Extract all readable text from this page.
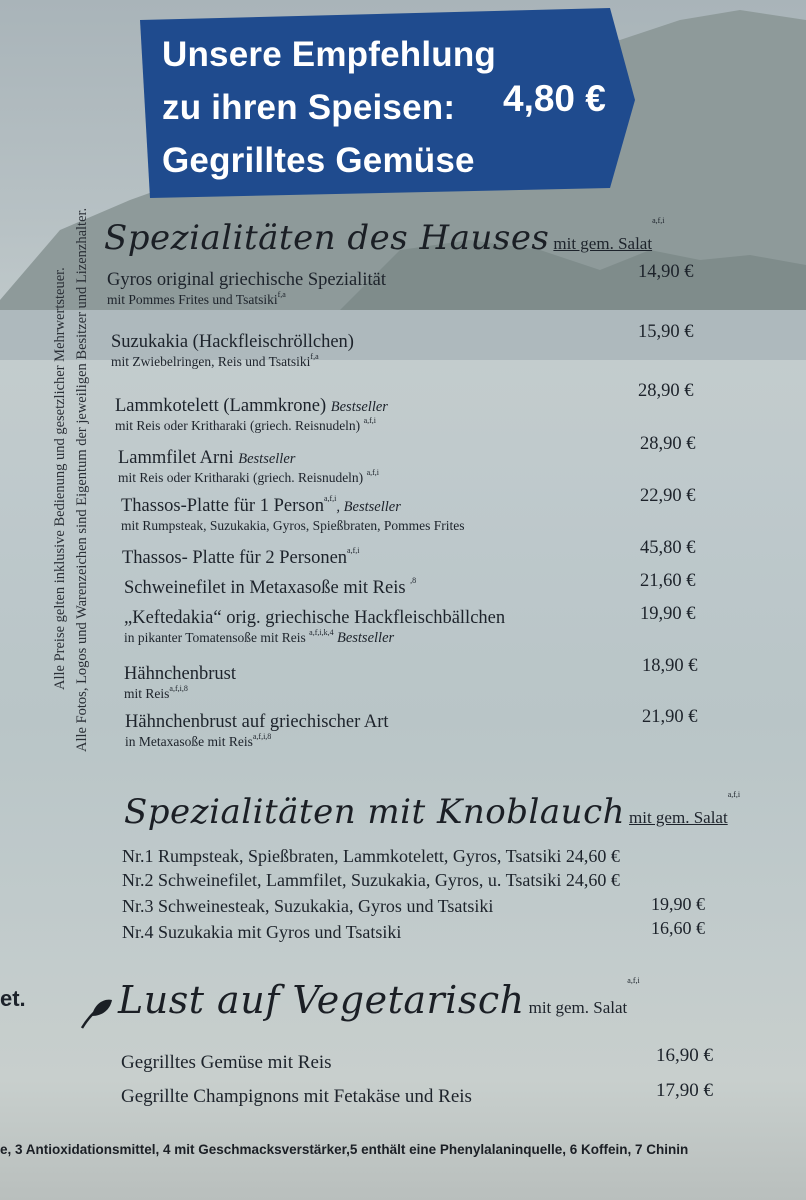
Unsere Empfehlung
zu ihren Speisen:
Gegrilltes Gemüse
4,80 €
Alle Preise gelten inklusive Bedienung und gesetzlicher Mehrwertsteuer. Alle Fotos, Logos und Warenzeichen sind Eigentum der jeweiligen Besitzer und Lizenzhalter. Spezialitäten des Hauses mit gem. Salat$^{a,f,i}$
Gyros original griechische Spezialität
mit Pommes Frites und Tsatsiki$^{f,a}$
14,90 €
Suzukakia (Hackfleischröllchen)
mit Zwiebelringen, Reis und Tsatsiki$^{f,a}$
15,90 €
Lammkotelett (Lammkrone) Bestseller
mit Reis oder Kritharaki (griech. Reisnudeln) $^{a,f,i}$
28,90 €
Lammfilet Arni Bestseller
mit Reis oder Kritharaki (griech. Reisnudeln) $^{a,f,i}$
28,90 €
Thassos-Platte für 1 Person$^{a,f,i}$, Bestseller
mit Rumpsteak, Suzukakia, Gyros, Spießbraten, Pommes Frites
22,90 €
Thassos- Platte für 2 Personen$^{a,f,i}$	45,80 €
Schweinefilet in Metaxasoße mit Reis $^{,8}$	21,60 €
„Keftedakia“ orig. griechische Hackfleischbällchen
in pikanter Tomatensoße mit Reis $^{a,f,i,k,4}$ Bestseller
19,90 €
Hähnchenbrust
mit Reis$^{a,f,i,8}$
18,90 €
Hähnchenbrust auf griechischer Art
in Metaxasoße mit Reis$^{a,f,i,8}$
21,90 €
Spezialitäten mit Knoblauch mit gem. Salat$^{a,f,i}$
Nr.1 Rumpsteak, Spießbraten, Lammkotelett, Gyros, Tsatsiki 24,60 €
Nr.2 Schweinefilet, Lammfilet, Suzukakia, Gyros, u. Tsatsiki 24,60 €
Nr.3 Schweinesteak, Suzukakia, Gyros und Tsatsiki	19,90 €
Nr.4 Suzukakia mit Gyros und Tsatsiki	16,60 €
Lust auf Vegetarisch mit gem. Salat$^{a,f,i}$
Gegrilltes Gemüse mit Reis	16,90 €
Gegrillte Champignons mit Fetakäse und Reis	17,90 €
et.
e, 3 Antioxidationsmittel, 4 mit Geschmacksverstärker,5 enthält eine Phenylalaninquelle, 6 Koffein, 7 Chinin
